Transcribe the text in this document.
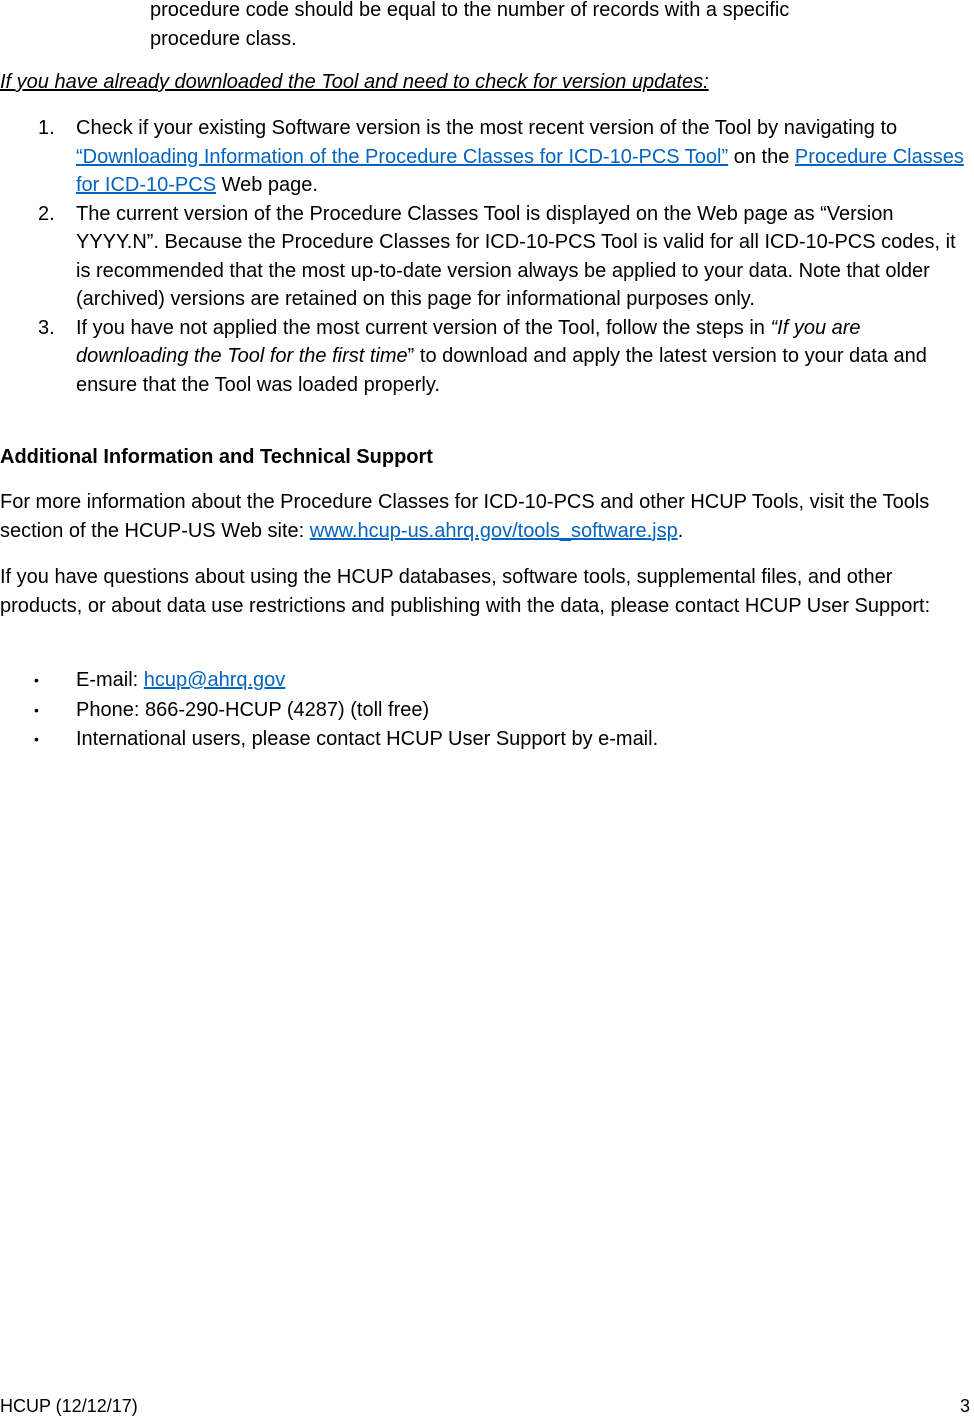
procedure code should be equal to the number of records with a specific
procedure class.

If you have already downloaded the Tool and need to check for version updates:

1. Check if your existing Software version is the most recent version of the Tool by navigating to “Downloading Information of the Procedure Classes for ICD-10-PCS Tool” on the Procedure Classes for ICD-10-PCS Web page.
2. The current version of the Procedure Classes Tool is displayed on the Web page as “Version YYYY.N”. Because the Procedure Classes for ICD-10-PCS Tool is valid for all ICD-10-PCS codes, it is recommended that the most up-to-date version always be applied to your data. Note that older (archived) versions are retained on this page for informational purposes only.
3. If you have not applied the most current version of the Tool, follow the steps in “If you are downloading the Tool for the first time” to download and apply the latest version to your data and ensure that the Tool was loaded properly.
Additional Information and Technical Support

For more information about the Procedure Classes for ICD-10-PCS and other HCUP Tools, visit the Tools section of the HCUP-US Web site: www.hcup-us.ahrq.gov/tools_software.jsp.

If you have questions about using the HCUP databases, software tools, supplemental files, and other products, or about data use restrictions and publishing with the data, please contact HCUP User Support:

• E-mail: hcup@ahrq.gov
• Phone: 866-290-HCUP (4287) (toll free)
• International users, please contact HCUP User Support by e-mail.

HCUP (12/12/17)	3
